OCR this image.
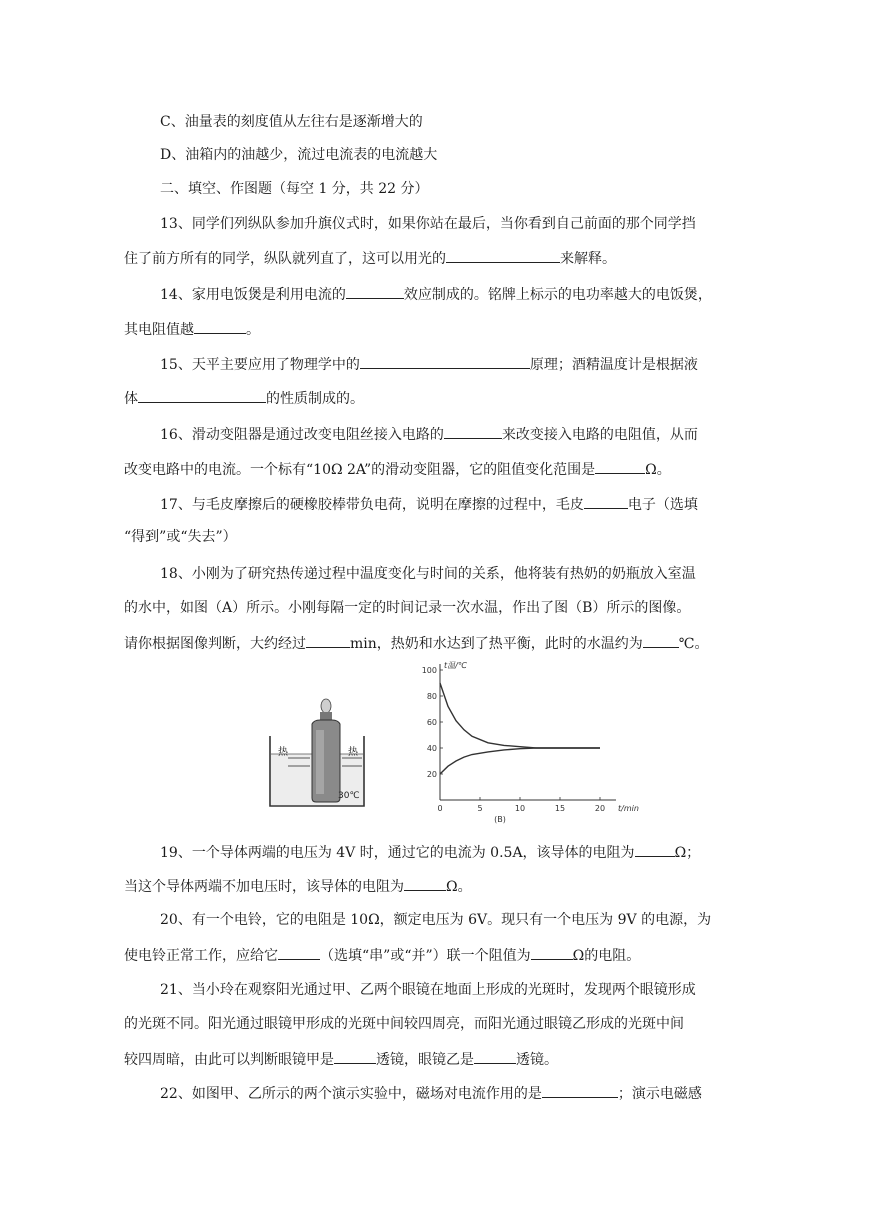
C、油量表的刻度值从左往右是逐渐增大的
D、油箱内的油越少，流过电流表的电流越大
二、填空、作图题（每空 1 分，共 22 分）
13、同学们列纵队参加升旗仪式时，如果你站在最后，当你看到自己前面的那个同学挡
住了前方所有的同学，纵队就列直了，这可以用光的	来解释。
14、家用电饭煲是利用电流的	效应制成的。铭牌上标示的电功率越大的电饭煲，
其电阻值越	。
15、天平主要应用了物理学中的	原理；酒精温度计是根据液
体	的性质制成的。
16、滑动变阻器是通过改变电阻丝接入电路的	来改变接入电路的电阻值，从而
改变电路中的电流。一个标有“10Ω 2A”的滑动变阻器，它的阻值变化范围是	Ω。
17、与毛皮摩擦后的硬橡胶棒带负电荷，说明在摩擦的过程中，毛皮	电子（选填
“得到”或“失去”）
18、小刚为了研究热传递过程中温度变化与时间的关系，他将装有热奶的奶瓶放入室温
的水中，如图（A）所示。小刚每隔一定的时间记录一次水温，作出了图（B）所示的图像。
请你根据图像判断，大约经过	min，热奶和水达到了热平衡，此时的水温约为	℃。
热	热
30℃
100
80
60
40
20
0	5	10	15	20
t温/℃
t/min
(B)
19、一个导体两端的电压为 4V 时，通过它的电流为 0.5A，该导体的电阻为	Ω；
当这个导体两端不加电压时，该导体的电阻为	Ω。
20、有一个电铃，它的电阻是 10Ω，额定电压为 6V。现只有一个电压为 9V 的电源，为
使电铃正常工作，应给它	（选填“串”或“并”）联一个阻值为	Ω的电阻。
21、当小玲在观察阳光通过甲、乙两个眼镜在地面上形成的光斑时，发现两个眼镜形成
的光斑不同。阳光通过眼镜甲形成的光斑中间较四周亮，而阳光通过眼镜乙形成的光斑中间
较四周暗，由此可以判断眼镜甲是	透镜，眼镜乙是	透镜。
22、如图甲、乙所示的两个演示实验中，磁场对电流作用的是	；演示电磁感
